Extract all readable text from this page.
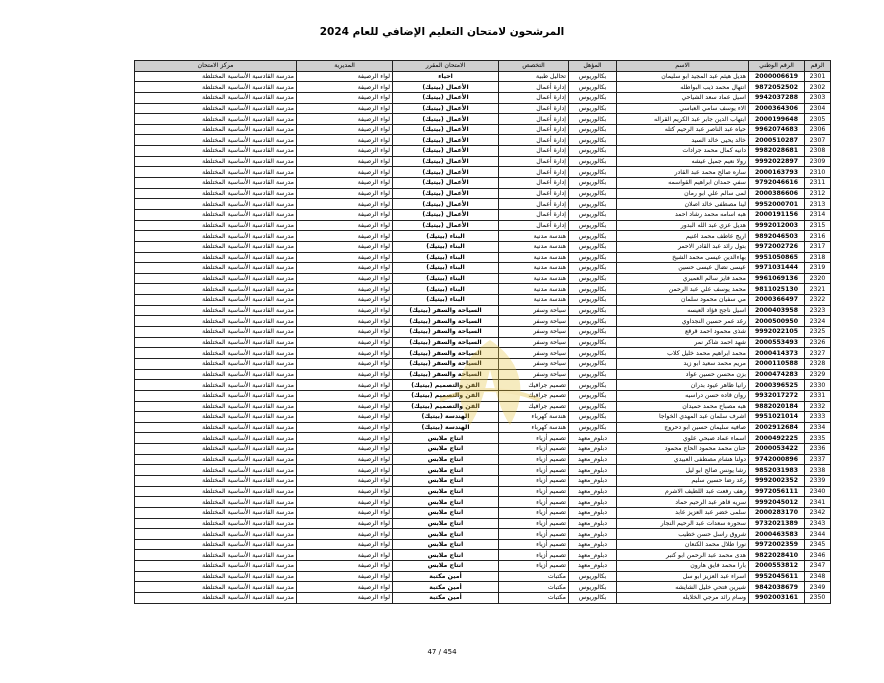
المرشحون لامتحان التعليم الإضافي للعام 2024
الرقم	الرقم الوطني	الاسم	المؤهل	التخصص	الامتحان المقرر	المديرية	مركز الامتحان
2301	2000006619	هديل هيثم عبد المجيد ابو سليمان	بكالوريوس	تحاليل طبية	احياء	لواء الرصيفة	مدرسة القادسية الأساسية المختلطة
2302	9872052502	انتهال محمد ذيب البواطله	بكالوريوس	إدارة أعمال	الأعمال (بيتيك)	لواء الرصيفة	مدرسة القادسية الأساسية المختلطة
2303	9942037288	اسيل عماد سعد الشياحي	بكالوريوس	إدارة أعمال	الأعمال (بيتيك)	لواء الرصيفة	مدرسة القادسية الأساسية المختلطة
2304	2000364306	الاء يوسف سامي العباسي	بكالوريوس	إدارة أعمال	الأعمال (بيتيك)	لواء الرصيفة	مدرسة القادسية الأساسية المختلطة
2305	2000199648	ابتهاب الدين جابر عبد الكريم القراله	بكالوريوس	إدارة أعمال	الأعمال (بيتيك)	لواء الرصيفة	مدرسة القادسية الأساسية المختلطة
2306	9962074683	حياه عبد الناصر عبد الرحيم كتله	بكالوريوس	إدارة أعمال	الأعمال (بيتيك)	لواء الرصيفة	مدرسة القادسية الأساسية المختلطة
2307	2000510287	خالد يحيى خالد السيد	بكالوريوس	إدارة أعمال	الأعمال (بيتيك)	لواء الرصيفة	مدرسة القادسية الأساسية المختلطة
2308	9982028681	دانيه كمال محمد جرادات	بكالوريوس	إدارة أعمال	الأعمال (بيتيك)	لواء الرصيفة	مدرسة القادسية الأساسية المختلطة
2309	9992022897	رولا نعيم جميل عيشه	بكالوريوس	إدارة أعمال	الأعمال (بيتيك)	لواء الرصيفة	مدرسة القادسية الأساسية المختلطة
2310	2000163793	ساره صالح محمد عبد القادر	بكالوريوس	إدارة أعمال	الأعمال (بيتيك)	لواء الرصيفة	مدرسة القادسية الأساسية المختلطة
2311	9792046616	سفي حمدان ابراهيم القواسمه	بكالوريوس	إدارة أعمال	الأعمال (بيتيك)	لواء الرصيفة	مدرسة القادسية الأساسية المختلطة
2312	2000386606	لمى سالم علي ابو رمان	بكالوريوس	إدارة أعمال	الأعمال (بيتيك)	لواء الرصيفة	مدرسة القادسية الأساسية المختلطة
2313	9952000701	لينا مصطفى خالد اصلان	بكالوريوس	إدارة أعمال	الأعمال (بيتيك)	لواء الرصيفة	مدرسة القادسية الأساسية المختلطة
2314	2000191156	هبه اسامه محمد رشاد احمد	بكالوريوس	إدارة أعمال	الأعمال (بيتيك)	لواء الرصيفة	مدرسة القادسية الأساسية المختلطة
2315	9992012003	هديل عزي عبد الله البدور	بكالوريوس	إدارة أعمال	الأعمال (بيتيك)	لواء الرصيفة	مدرسة القادسية الأساسية المختلطة
2316	9892046503	اريج عاطف محمد اغنيم	بكالوريوس	هندسة مدنية	البناء (بيتيك)	لواء الرصيفة	مدرسة القادسية الأساسية المختلطة
2317	9972002726	بتول رائد عبد القادر الاحمر	بكالوريوس	هندسة مدنية	البناء (بيتيك)	لواء الرصيفة	مدرسة القادسية الأساسية المختلطة
2318	9951050865	بهاءالدين عيسى محمد الشيخ	بكالوريوس	هندسة مدنية	البناء (بيتيك)	لواء الرصيفة	مدرسة القادسية الأساسية المختلطة
2319	9971031444	عيسى نضال عيسى حسين	بكالوريوس	هندسة مدنية	البناء (بيتيك)	لواء الرصيفة	مدرسة القادسية الأساسية المختلطة
2320	9961069136	محمد فايز سالم العميري	بكالوريوس	هندسة مدنية	البناء (بيتيك)	لواء الرصيفة	مدرسة القادسية الأساسية المختلطة
2321	9811025130	محمد يوسف علي عبد الرحمن	بكالوريوس	هندسة مدنية	البناء (بيتيك)	لواء الرصيفة	مدرسة القادسية الأساسية المختلطة
2322	2000366497	مي سفيان محمود سلمان	بكالوريوس	هندسة مدنية	البناء (بيتيك)	لواء الرصيفة	مدرسة القادسية الأساسية المختلطة
2323	2000403958	اسيل ناجح فؤاد العيسه	بكالوريوس	سياحة وسفر	السياحة والسفر (بيتيك)	لواء الرصيفة	مدرسة القادسية الأساسية المختلطة
2324	2000500950	رغد عمر حسين النجداوي	بكالوريوس	سياحة وسفر	السياحة والسفر (بيتيك)	لواء الرصيفة	مدرسة القادسية الأساسية المختلطة
2325	9992022105	شذى محمود احمد قرقع	بكالوريوس	سياحة وسفر	السياحة والسفر (بيتيك)	لواء الرصيفة	مدرسة القادسية الأساسية المختلطة
2326	2000553493	شهد احمد شاكر نمر	بكالوريوس	سياحة وسفر	السياحة والسفر (بيتيك)	لواء الرصيفة	مدرسة القادسية الأساسية المختلطة
2327	2000414373	محمد ابراهيم محمد خليل كلاب	بكالوريوس	سياحة وسفر	السياحة والسفر (بيتيك)	لواء الرصيفة	مدرسة القادسية الأساسية المختلطة
2328	2000110588	مريم محمد سعيد ابو زيد	بكالوريوس	سياحة وسفر	السياحة والسفر (بيتيك)	لواء الرصيفة	مدرسة القادسية الأساسية المختلطة
2329	2000474283	بزن محسن حسين عواد	بكالوريوس	سياحة وسفر	السياحة والسفر (بيتيك)	لواء الرصيفة	مدرسة القادسية الأساسية المختلطة
2330	2000396525	رانيا ظاهر عيود بدران	بكالوريوس	تصميم جرافيك	الفن والتصميم (بيتيك)	لواء الرصيفة	مدرسة القادسية الأساسية المختلطة
2331	9932017272	روان قاده حسن دراسيه	بكالوريوس	تصميم جرافيك	الفن والتصميم (بيتيك)	لواء الرصيفة	مدرسة القادسية الأساسية المختلطة
2332	9882020184	هبه مصباح محمد حميدان	بكالوريوس	تصميم جرافيك	الفن والتصميم (بيتيك)	لواء الرصيفة	مدرسة القادسية الأساسية المختلطة
2333	9951021014	اشرف سلمان عبد المهدي الخواجا	بكالوريوس	هندسة كهرباء	الهندسة (بيتيك)	لواء الرصيفة	مدرسة القادسية الأساسية المختلطة
2334	2002912684	صافيه سليمان حسين ابو دحروج	بكالوريوس	هندسة كهرباء	الهندسة (بيتيك)	لواء الرصيفة	مدرسة القادسية الأساسية المختلطة
2335	2000492225	اسماء عماد صبحي علوي	دبلوم_معهد	تصميم أزياء	انتاج ملابس	لواء الرصيفة	مدرسة القادسية الأساسية المختلطة
2336	2000053422	حنان محمد محمود الحاج محمود	دبلوم_معهد	تصميم أزياء	انتاج ملابس	لواء الرصيفة	مدرسة القادسية الأساسية المختلطة
2337	9742000896	دولنا هشام مصطفى العبيدي	دبلوم_معهد	تصميم أزياء	انتاج ملابس	لواء الرصيفة	مدرسة القادسية الأساسية المختلطة
2338	9852031983	رشا يونس صالح ابو ليل	دبلوم_معهد	تصميم أزياء	انتاج ملابس	لواء الرصيفة	مدرسة القادسية الأساسية المختلطة
2339	9992002352	رغد رضا حسين سليم	دبلوم_معهد	تصميم أزياء	انتاج ملابس	لواء الرصيفة	مدرسة القادسية الأساسية المختلطة
2340	9972056111	رهف رفعت عبد اللطيف الاشرم	دبلوم_معهد	تصميم أزياء	انتاج ملابس	لواء الرصيفة	مدرسة القادسية الأساسية المختلطة
2341	9992045012	سريه قاهر عبد الرحيم حماد	دبلوم_معهد	تصميم أزياء	انتاج ملابس	لواء الرصيفة	مدرسة القادسية الأساسية المختلطة
2342	2000283170	سلمى خضر عبد العزيز عابد	دبلوم_معهد	تصميم أزياء	انتاج ملابس	لواء الرصيفة	مدرسة القادسية الأساسية المختلطة
2343	9732021389	سحوره سعدات عبد الرحيم النجار	دبلوم_معهد	تصميم أزياء	انتاج ملابس	لواء الرصيفة	مدرسة القادسية الأساسية المختلطة
2344	2000463583	شروق راسل حسن خطيب	دبلوم_معهد	تصميم أزياء	انتاج ملابس	لواء الرصيفة	مدرسة القادسية الأساسية المختلطة
2345	9972002359	نورا طلال محمد الكنعان	دبلوم_معهد	تصميم أزياء	انتاج ملابس	لواء الرصيفة	مدرسة القادسية الأساسية المختلطة
2346	9822028410	هدى محمد عبد الرحمن ابو كنبر	دبلوم_معهد	تصميم أزياء	انتاج ملابس	لواء الرصيفة	مدرسة القادسية الأساسية المختلطة
2347	2000553812	بارا محمد فايق هارون	دبلوم_معهد	تصميم أزياء	انتاج ملابس	لواء الرصيفة	مدرسة القادسية الأساسية المختلطة
2348	9952045611	اسراء عبد العزيز ابو سل	بكالوريوس	مكتبات	أمين مكتبة	لواء الرصيفة	مدرسة القادسية الأساسية المختلطة
2349	9842038679	شيرين فتحي خليل الشايشه	بكالوريوس	مكتبات	أمين مكتبة	لواء الرصيفة	مدرسة القادسية الأساسية المختلطة
2350	9902003161	وسام رائد مرجي الخلايله	بكالوريوس	مكتبات	أمين مكتبة	لواء الرصيفة	مدرسة القادسية الأساسية المختلطة
47 / 454
